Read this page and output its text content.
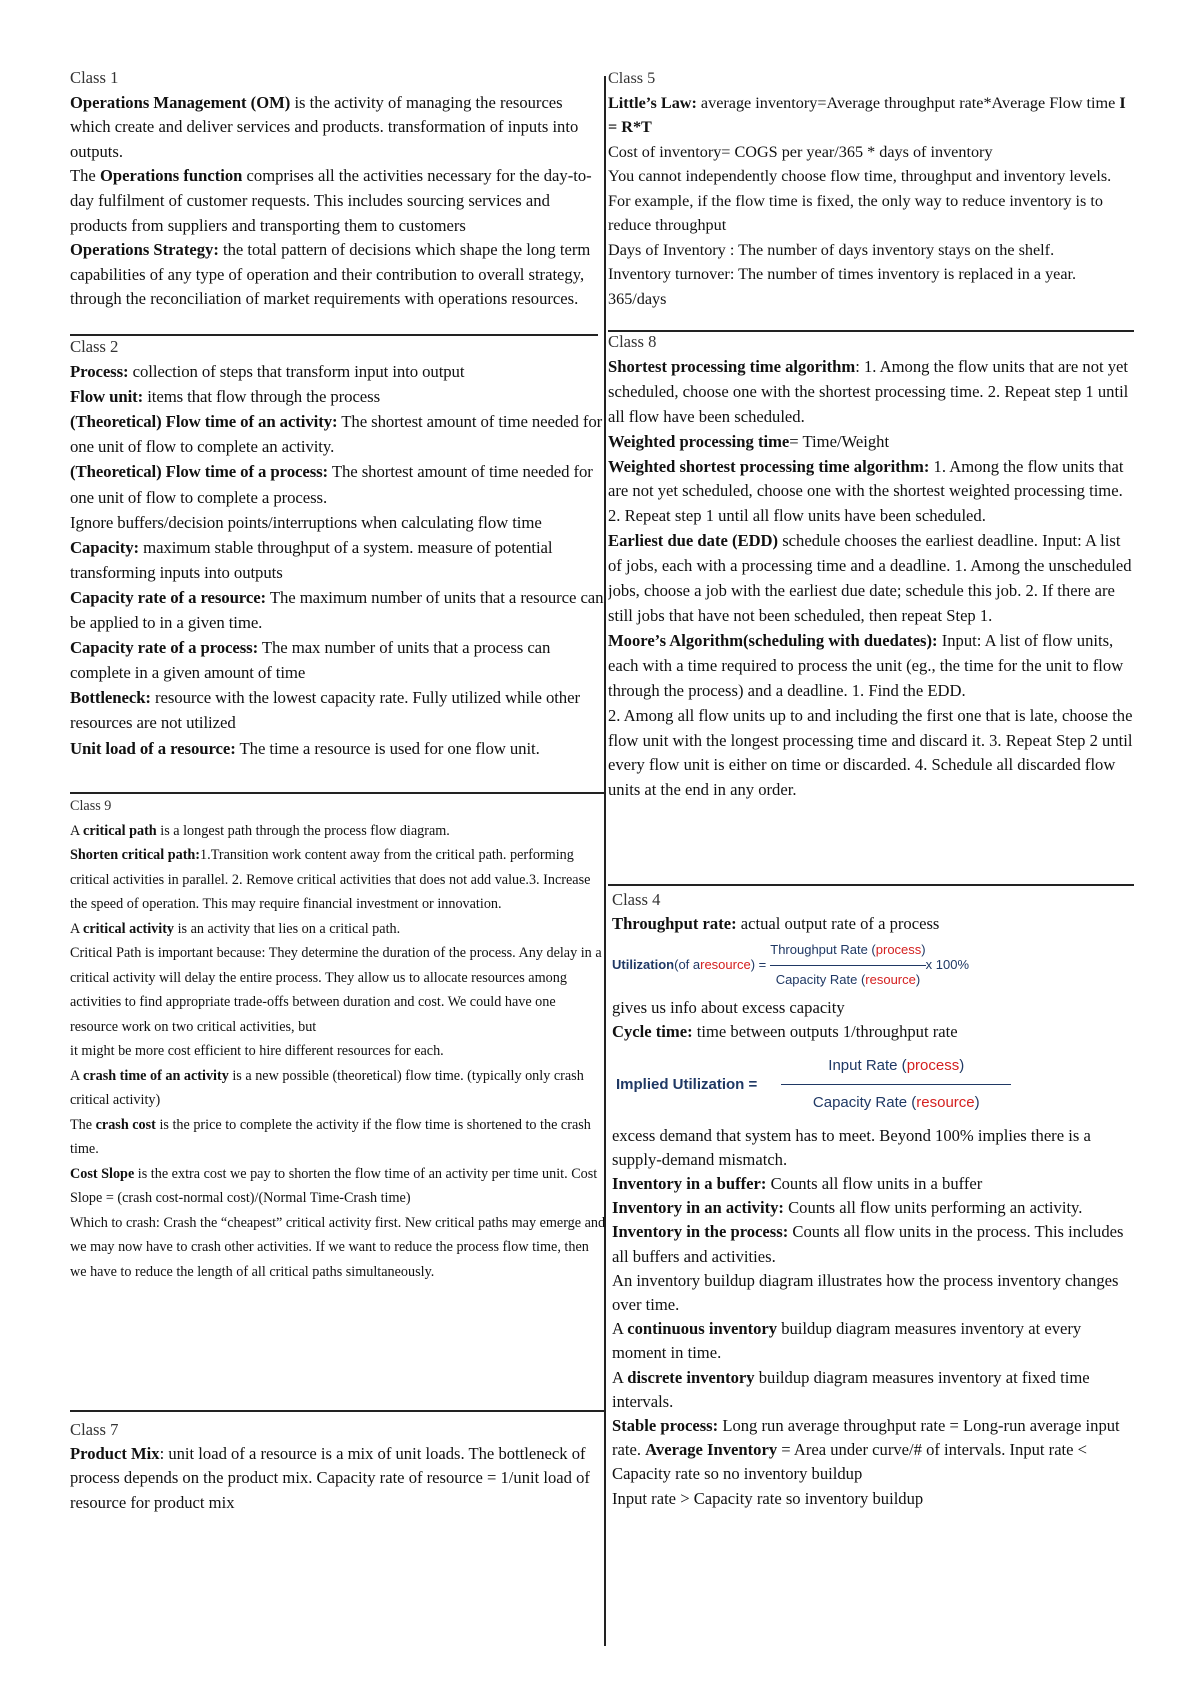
Class 1

Operations Management (OM) is the activity of managing the resources which create and deliver services and products. transformation of inputs into outputs.

The Operations function comprises all the activities necessary for the day-to-day fulfilment of customer requests. This includes sourcing services and products from suppliers and transporting them to customers

Operations Strategy: the total pattern of decisions which shape the long term capabilities of any type of operation and their contribution to overall strategy, through the reconciliation of market requirements with operations resources.

Class 2

Process: collection of steps that transform input into output

Flow unit: items that flow through the process

(Theoretical) Flow time of an activity: The shortest amount of time needed for one unit of flow to complete an activity.

(Theoretical) Flow time of a process: The shortest amount of time needed for one unit of flow to complete a process.

Ignore buffers/decision points/interruptions when calculating flow time

Capacity: maximum stable throughput of a system. measure of potential transforming inputs into outputs

Capacity rate of a resource: The maximum number of units that a resource can be applied to in a given time.

Capacity rate of a process: The max number of units that a process can complete in a given amount of time

Bottleneck: resource with the lowest capacity rate. Fully utilized while other resources are not utilized

Unit load of a resource: The time a resource is used for one flow unit.

Class 9

A critical path is a longest path through the process flow diagram.

Shorten critical path:1.Transition work content away from the critical path. performing critical activities in parallel. 2. Remove critical activities that does not add value.3. Increase the speed of operation. This may require financial investment or innovation.

A critical activity is an activity that lies on a critical path.

Critical Path is important because: They determine the duration of the process. Any delay in a critical activity will delay the entire process. They allow us to allocate resources among activities to find appropriate trade-offs between duration and cost. We could have one resource work on two critical activities, but

it might be more cost efficient to hire different resources for each.

A crash time of an activity is a new possible (theoretical) flow time. (typically only crash critical activity)

The crash cost is the price to complete the activity if the flow time is shortened to the crash time.

Cost Slope is the extra cost we pay to shorten the flow time of an activity per time unit. Cost Slope = (crash cost-normal cost)/(Normal Time-Crash time)

Which to crash: Crash the “cheapest” critical activity first. New critical paths may emerge and we may now have to crash other activities. If we want to reduce the process flow time, then we have to reduce the length of all critical paths simultaneously.

Class 7

Product Mix: unit load of a resource is a mix of unit loads. The bottleneck of process depends on the product mix. Capacity rate of resource = 1/unit load of resource for product mix

Class 5

Little’s Law: average inventory=Average throughput rate*Average Flow time I = R*T

Cost of inventory= COGS per year/365 * days of inventory

You cannot independently choose flow time, throughput and inventory levels. For example, if the flow time is fixed, the only way to reduce inventory is to reduce throughput

Days of Inventory : The number of days inventory stays on the shelf.

Inventory turnover: The number of times inventory is replaced in a year. 365/days

Class 8

Shortest processing time algorithm: 1. Among the flow units that are not yet scheduled, choose one with the shortest processing time. 2. Repeat step 1 until all flow have been scheduled.

Weighted processing time= Time/Weight

Weighted shortest processing time algorithm: 1. Among the flow units that are not yet scheduled, choose one with the shortest weighted processing time. 2. Repeat step 1 until all flow units have been scheduled.

Earliest due date (EDD) schedule chooses the earliest deadline. Input: A list of jobs, each with a processing time and a deadline. 1. Among the unscheduled jobs, choose a job with the earliest due date; schedule this job. 2. If there are still jobs that have not been scheduled, then repeat Step 1.

Moore’s Algorithm(scheduling with duedates): Input: A list of flow units, each with a time required to process the unit (eg., the time for the unit to flow through the process) and a deadline. 1. Find the EDD.

2. Among all flow units up to and including the first one that is late, choose the flow unit with the longest processing time and discard it. 3. Repeat Step 2 until every flow unit is either on time or discarded. 4. Schedule all discarded flow units at the end in any order.

Class 4

Throughput rate: actual output rate of a process

Utilization (of a resource ) = $\frac{\text{Throughput Rate (process)}}{\text{Capacity Rate (resource)}}$ x 100%

gives us info about excess capacity

Cycle time: time between outputs 1/throughput rate

Implied Utilization = $\frac{\text{Input Rate (process)}}{\text{Capacity Rate (resource)}}$

excess demand that system has to meet. Beyond 100% implies there is a supply-demand mismatch.

Inventory in a buffer: Counts all flow units in a buffer

Inventory in an activity: Counts all flow units performing an activity. Inventory in the process: Counts all flow units in the process. This includes all buffers and activities.

An inventory buildup diagram illustrates how the process inventory changes over time.

A continuous inventory buildup diagram measures inventory at every moment in time.

A discrete inventory buildup diagram measures inventory at fixed time intervals.

Stable process: Long run average throughput rate = Long-run average input rate. Average Inventory = Area under curve/# of intervals. Input rate < Capacity rate so no inventory buildup

Input rate > Capacity rate so inventory buildup
